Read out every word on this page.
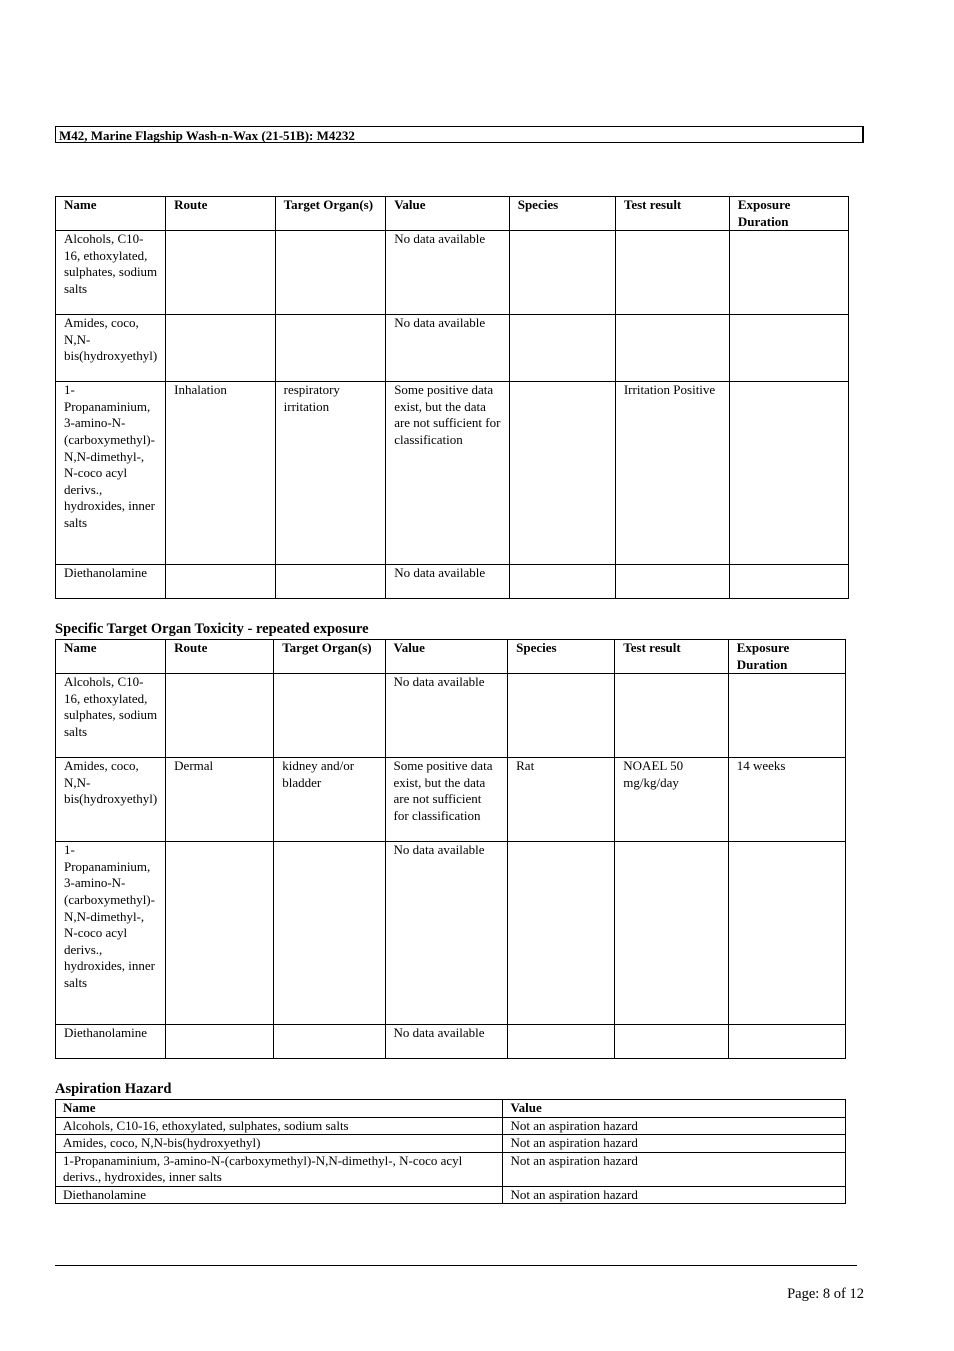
M42, Marine Flagship Wash-n-Wax (21-51B): M4232
Name	Route	Target Organ(s)	Value	Species	Test result	Exposure Duration
Alcohols, C10-16, ethoxylated, sulphates, sodium salts			No data available			
Amides, coco, N,N-bis(hydroxyethyl)			No data available			
1-Propanaminium, 3-amino-N-(carboxymethyl)-N,N-dimethyl-, N-coco acyl derivs., hydroxides, inner salts	Inhalation	respiratory irritation	Some positive data exist, but the data are not sufficient for classification		Irritation Positive	
Diethanolamine			No data available			
Specific Target Organ Toxicity - repeated exposure
Name	Route	Target Organ(s)	Value	Species	Test result	Exposure Duration
Alcohols, C10-16, ethoxylated, sulphates, sodium salts			No data available			
Amides, coco, N,N-bis(hydroxyethyl)	Dermal	kidney and/or bladder	Some positive data exist, but the data are not sufficient for classification	Rat	NOAEL 50 mg/kg/day	14 weeks
1-Propanaminium, 3-amino-N-(carboxymethyl)-N,N-dimethyl-, N-coco acyl derivs., hydroxides, inner salts			No data available			
Diethanolamine			No data available			
Aspiration Hazard
Name	Value
Alcohols, C10-16, ethoxylated, sulphates, sodium salts	Not an aspiration hazard
Amides, coco, N,N-bis(hydroxyethyl)	Not an aspiration hazard
1-Propanaminium, 3-amino-N-(carboxymethyl)-N,N-dimethyl-, N-coco acyl derivs., hydroxides, inner salts	Not an aspiration hazard
Diethanolamine	Not an aspiration hazard
Page: 8 of 12
